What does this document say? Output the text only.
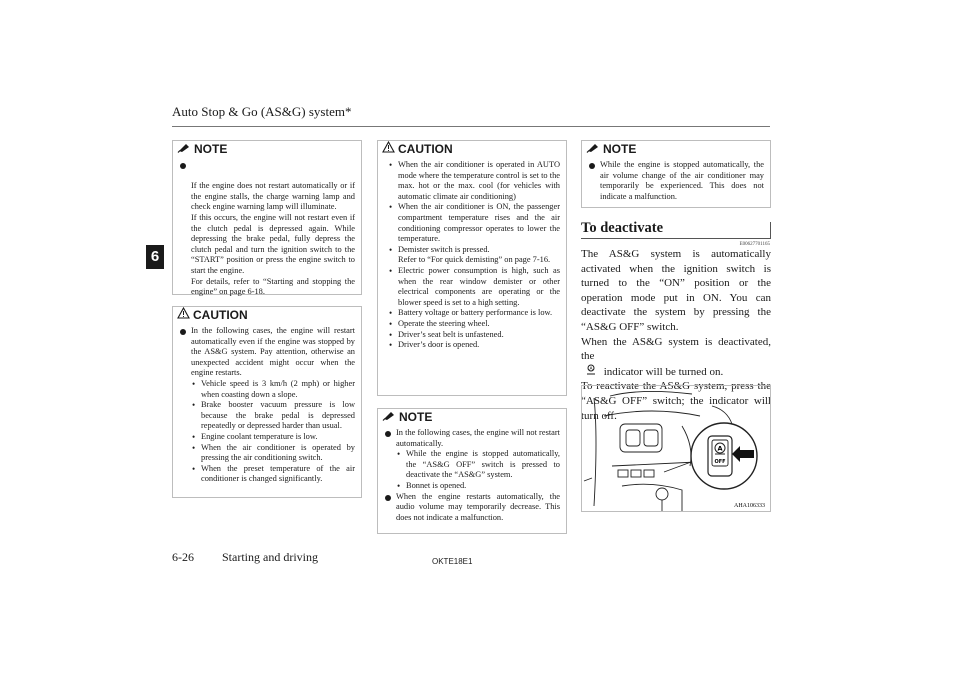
Auto Stop & Go (AS&G) system*
6
NOTE

If the engine does not restart automatically or if the engine stalls, the charge warning lamp and check engine warning lamp will illuminate.
If this occurs, the engine will not restart even if the clutch pedal is depressed again. While depressing the brake pedal, fully depress the clutch pedal and turn the ignition switch to the “START” position or press the engine switch to start the engine.
For details, refer to “Starting and stopping the engine” on page 6-18.

CAUTION
In the following cases, the engine will restart automatically even if the engine was stopped by the AS&G system. Pay attention, otherwise an unexpected accident might occur when the engine restarts.
• Vehicle speed is 3 km/h (2 mph) or higher when coasting down a slope.
• Brake booster vacuum pressure is low because the brake pedal is depressed repeatedly or depressed harder than usual.
• Engine coolant temperature is low.
• When the air conditioner is operated by pressing the air conditioning switch.
• When the preset temperature of the air conditioner is changed significantly.
CAUTION
• When the air conditioner is operated in AUTO mode where the temperature control is set to the max. hot or the max. cool (for vehicles with automatic climate air conditioning)
• When the air conditioner is ON, the passenger compartment temperature rises and the air conditioning compressor operates to lower the temperature.
• Demister switch is pressed.
Refer to “For quick demisting” on page 7-16.
• Electric power consumption is high, such as when the rear window demister or other electrical components are operating or the blower speed is set to a high setting.
• Battery voltage or battery performance is low.
• Operate the steering wheel.
• Driver’s seat belt is unfastened.
• Driver’s door is opened.
NOTE
In the following cases, the engine will not restart automatically.
• While the engine is stopped automatically, the “AS&G OFF” switch is pressed to deactivate the “AS&G” system.
• Bonnet is opened.
When the engine restarts automatically, the audio volume may temporarily decrease. This does not indicate a malfunction.
NOTE
While the engine is stopped automatically, the air volume change of the air conditioner may temporarily be experienced. This does not indicate a malfunction.
To deactivate
E00627701165
The AS&G system is automatically activated when the ignition switch is turned to the “ON” position or the operation mode put in ON. You can deactivate the system by pressing the “AS&G OFF” switch.
When the AS&G system is deactivated, the

A indicator will be turned on.
To reactivate the AS&G system, press the “AS&G OFF” switch; the indicator will turn off.
A
OFF
AHA106333
6-26 Starting and driving	OKTE18E1
